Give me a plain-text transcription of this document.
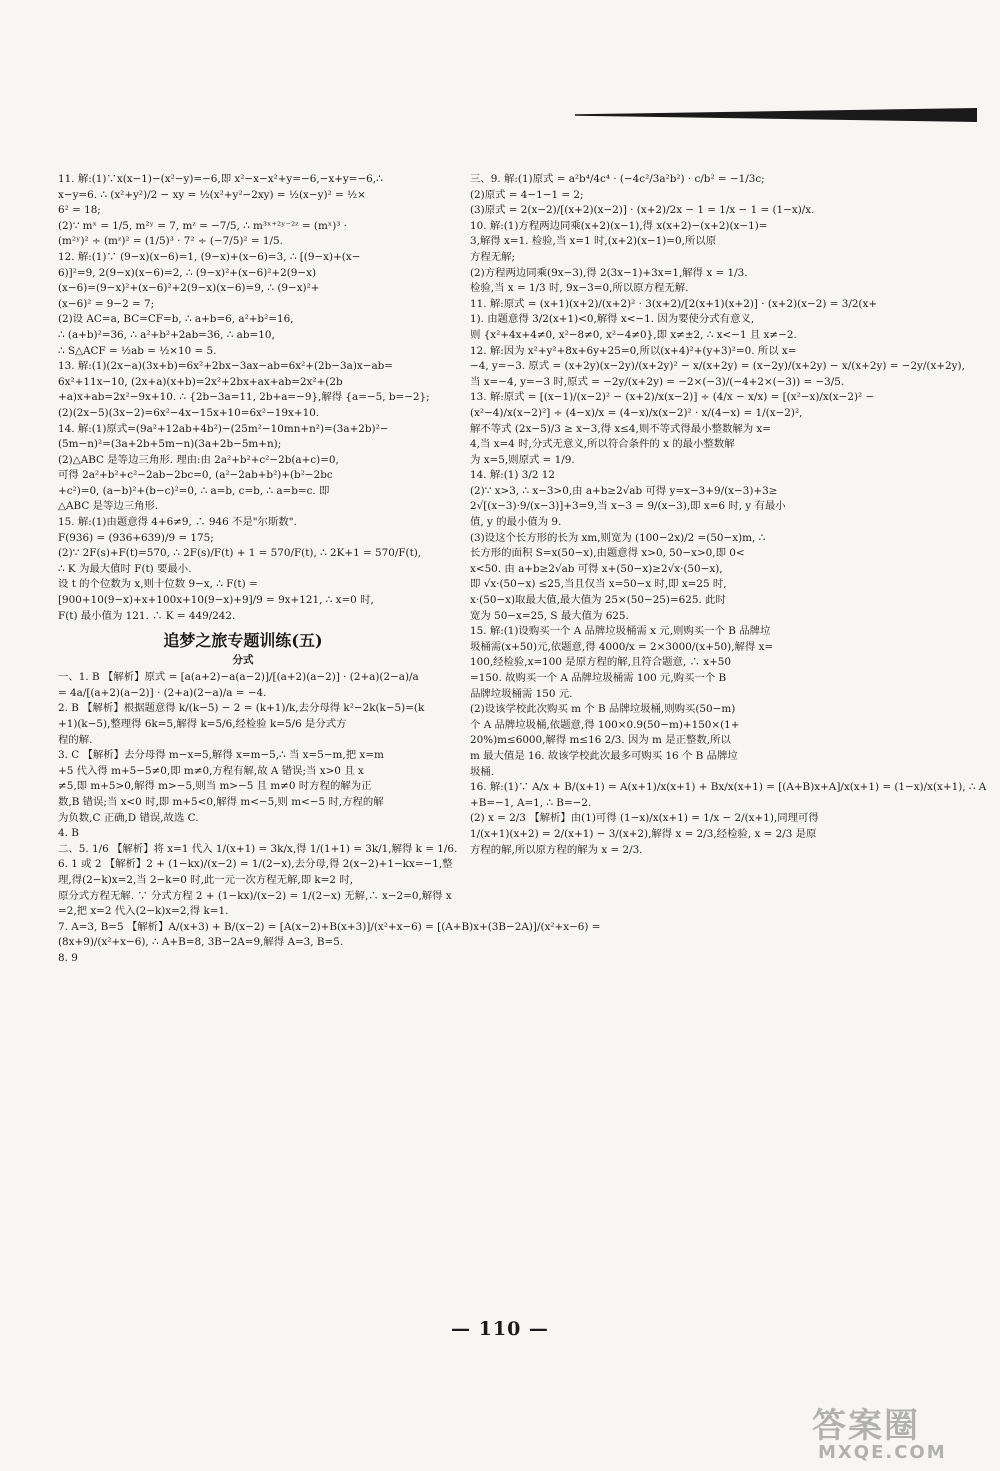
11. 解:(1)∵x(x−1)−(x²−y)=−6,即 x²−x−x²+y=−6,−x+y=−6,∴
x−y=6. ∴ (x²+y²)/2 − xy = ½(x²+y²−2xy) = ½(x−y)² = ½×
6² = 18;
(2)∵ mˣ = 1/5, m²ʸ = 7, mᶻ = −7/5, ∴ m³ˣ⁺²ʸ⁻²ᶻ = (mˣ)³ ·
(m²ʸ)² ÷ (mᶻ)² = (1/5)³ · 7² ÷ (−7/5)² = 1/5.
12. 解:(1)∵ (9−x)(x−6)=1, (9−x)+(x−6)=3, ∴ [(9−x)+(x−
6)]²=9, 2(9−x)(x−6)=2, ∴ (9−x)²+(x−6)²+2(9−x)
(x−6)=(9−x)²+(x−6)²+2(9−x)(x−6)=9, ∴ (9−x)²+
(x−6)² = 9−2 = 7;
(2)设 AC=a, BC=CF=b, ∴ a+b=6, a²+b²=16,
∴ (a+b)²=36, ∴ a²+b²+2ab=36, ∴ ab=10,
∴ S△ACF = ½ab = ½×10 = 5.
13. 解:(1)(2x−a)(3x+b)=6x²+2bx−3ax−ab=6x²+(2b−3a)x−ab=
6x²+11x−10, (2x+a)(x+b)=2x²+2bx+ax+ab=2x²+(2b
+a)x+ab=2x²−9x+10. ∴ {2b−3a=11, 2b+a=−9},解得 {a=−5, b=−2};
(2)(2x−5)(3x−2)=6x²−4x−15x+10=6x²−19x+10.
14. 解:(1)原式=(9a²+12ab+4b²)−(25m²−10mn+n²)=(3a+2b)²−
(5m−n)²=(3a+2b+5m−n)(3a+2b−5m+n);
(2)△ABC 是等边三角形. 理由:由 2a²+b²+c²−2b(a+c)=0,
可得 2a²+b²+c²−2ab−2bc=0, (a²−2ab+b²)+(b²−2bc
+c²)=0, (a−b)²+(b−c)²=0, ∴ a=b, c=b, ∴ a=b=c. 即
△ABC 是等边三角形.
15. 解:(1)由题意得 4+6≠9, ∴ 946 不是"尔斯数".
F(936) = (936+639)/9 = 175;
(2)∵ 2F(s)+F(t)=570, ∴ 2F(s)/F(t) + 1 = 570/F(t), ∴ 2K+1 = 570/F(t),
∴ K 为最大值时 F(t) 要最小.
设 t 的个位数为 x,则十位数 9−x, ∴ F(t) =
[900+10(9−x)+x+100x+10(9−x)+9]/9 = 9x+121, ∴ x=0 时,
F(t) 最小值为 121. ∴ K = 449/242.
追梦之旅专题训练(五)
分式
一、1. B 【解析】原式 = [a(a+2)−a(a−2)]/[(a+2)(a−2)] · (2+a)(2−a)/a
= 4a/[(a+2)(a−2)] · (2+a)(2−a)/a = −4.
2. B 【解析】根据题意得 k/(k−5) − 2 = (k+1)/k,去分母得 k²−2k(k−5)=(k
+1)(k−5),整理得 6k=5,解得 k=5/6,经检验 k=5/6 是分式方
程的解.
3. C 【解析】去分母得 m−x=5,解得 x=m−5,∴ 当 x=5−m,把 x=m
+5 代入得 m+5−5≠0,即 m≠0,方程有解,故 A 错误;当 x>0 且 x
≠5,即 m+5>0,解得 m>−5,则当 m>−5 且 m≠0 时方程的解为正
数,B 错误;当 x<0 时,即 m+5<0,解得 m<−5,则 m<−5 时,方程的解
为负数,C 正确,D 错误,故选 C.
4. B
二、5. 1/6 【解析】将 x=1 代入 1/(x+1) = 3k/x,得 1/(1+1) = 3k/1,解得 k = 1/6.
6. 1 或 2 【解析】2 + (1−kx)/(x−2) = 1/(2−x),去分母,得 2(x−2)+1−kx=−1,整
理,得(2−k)x=2,当 2−k=0 时,此一元一次方程无解,即 k=2 时,
原分式方程无解. ∵ 分式方程 2 + (1−kx)/(x−2) = 1/(2−x) 无解,∴ x−2=0,解得 x
=2,把 x=2 代入(2−k)x=2,得 k=1.
7. A=3, B=5 【解析】A/(x+3) + B/(x−2) = [A(x−2)+B(x+3)]/(x²+x−6) = [(A+B)x+(3B−2A)]/(x²+x−6) =
(8x+9)/(x²+x−6), ∴ A+B=8, 3B−2A=9,解得 A=3, B=5.
8. 9
三、9. 解:(1)原式 = a²b⁴/4c⁴ · (−4c²/3a²b²) · c/b² = −1/3c;
(2)原式 = 4−1−1 = 2;
(3)原式 = 2(x−2)/[(x+2)(x−2)] · (x+2)/2x − 1 = 1/x − 1 = (1−x)/x.
10. 解:(1)方程两边同乘(x+2)(x−1),得 x(x+2)−(x+2)(x−1)=
3,解得 x=1. 检验,当 x=1 时,(x+2)(x−1)=0,所以原
方程无解;
(2)方程两边同乘(9x−3),得 2(3x−1)+3x=1,解得 x = 1/3.
检验,当 x = 1/3 时, 9x−3=0,所以原方程无解.
11. 解:原式 = (x+1)(x+2)/(x+2)² · 3(x+2)/[2(x+1)(x+2)] · (x+2)(x−2) = 3/2(x+
1). 由题意得 3/2(x+1)<0,解得 x<−1. 因为要使分式有意义,
则 {x²+4x+4≠0, x²−8≠0, x²−4≠0},即 x≠±2, ∴ x<−1 且 x≠−2.
12. 解:因为 x²+y²+8x+6y+25=0,所以(x+4)²+(y+3)²=0. 所以 x=
−4, y=−3. 原式 = (x+2y)(x−2y)/(x+2y)² − x/(x+2y) = (x−2y)/(x+2y) − x/(x+2y) = −2y/(x+2y),
当 x=−4, y=−3 时,原式 = −2y/(x+2y) = −2×(−3)/(−4+2×(−3)) = −3/5.
13. 解:原式 = [(x−1)/(x−2)² − (x+2)/x(x−2)] ÷ (4/x − x/x) = [(x²−x)/x(x−2)² −
(x²−4)/x(x−2)²] ÷ (4−x)/x = (4−x)/x(x−2)² · x/(4−x) = 1/(x−2)²,
解不等式 (2x−5)/3 ≥ x−3,得 x≤4,则不等式得最小整数解为 x=
4,当 x=4 时,分式无意义,所以符合条件的 x 的最小整数解
为 x=5,则原式 = 1/9.
14. 解:(1) 3/2 12
(2)∵ x>3, ∴ x−3>0,由 a+b≥2√ab 可得 y=x−3+9/(x−3)+3≥
2√[(x−3)·9/(x−3)]+3=9,当 x−3 = 9/(x−3),即 x=6 时, y 有最小
值, y 的最小值为 9.
(3)设这个长方形的长为 xm,则宽为 (100−2x)/2 =(50−x)m, ∴
长方形的面积 S=x(50−x),由题意得 x>0, 50−x>0,即 0<
x<50. 由 a+b≥2√ab 可得 x+(50−x)≥2√x·(50−x),
即 √x·(50−x) ≤25,当且仅当 x=50−x 时,即 x=25 时,
x·(50−x)取最大值,最大值为 25×(50−25)=625. 此时
宽为 50−x=25, S 最大值为 625.
15. 解:(1)设购买一个 A 品牌垃圾桶需 x 元,则购买一个 B 品牌垃
圾桶需(x+50)元,依题意,得 4000/x = 2×3000/(x+50),解得 x=
100,经检验,x=100 是原方程的解,且符合题意, ∴ x+50
=150. 故购买一个 A 品牌垃圾桶需 100 元,购买一个 B
品牌垃圾桶需 150 元.
(2)设该学校此次购买 m 个 B 品牌垃圾桶,则购买(50−m)
个 A 品牌垃圾桶,依题意,得 100×0.9(50−m)+150×(1+
20%)m≤6000,解得 m≤16 2/3. 因为 m 是正整数,所以
m 最大值是 16. 故该学校此次最多可购买 16 个 B 品牌垃
圾桶.
16. 解:(1)∵ A/x + B/(x+1) = A(x+1)/x(x+1) + Bx/x(x+1) = [(A+B)x+A]/x(x+1) = (1−x)/x(x+1), ∴ A
+B=−1, A=1, ∴ B=−2.
(2) x = 2/3 【解析】由(1)可得 (1−x)/x(x+1) = 1/x − 2/(x+1),同理可得
1/(x+1)(x+2) = 2/(x+1) − 3/(x+2),解得 x = 2/3,经检验, x = 2/3 是原
方程的解,所以原方程的解为 x = 2/3.
— 110 —
答案圈
MXQE.COM
